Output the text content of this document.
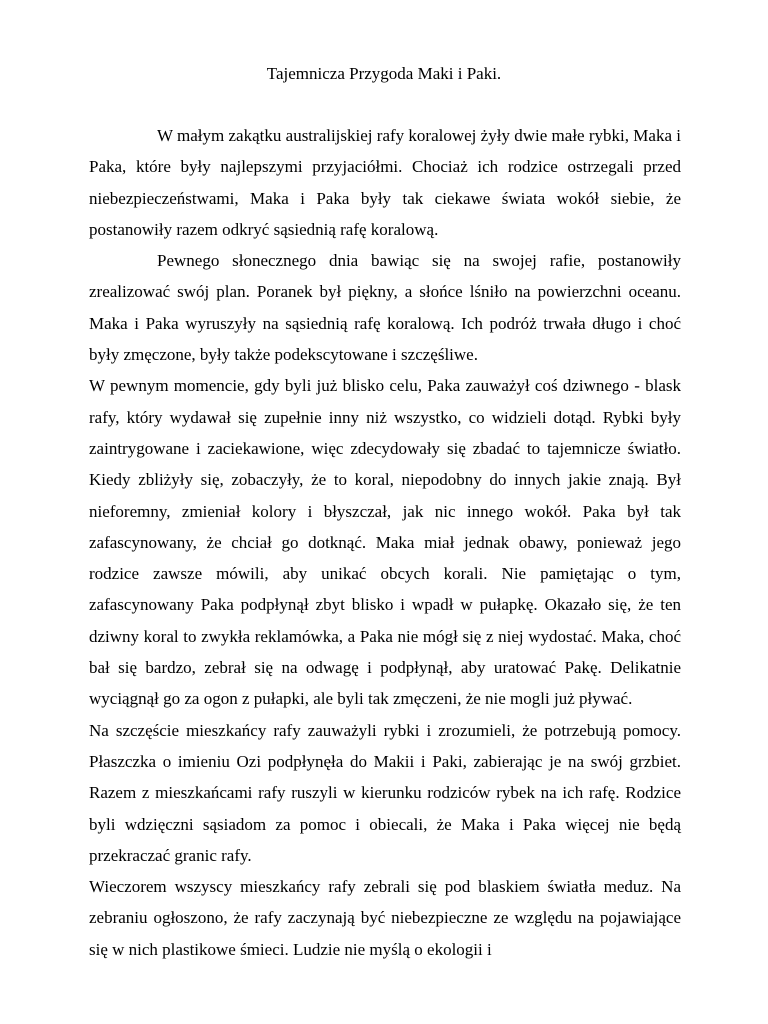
Tajemnicza Przygoda Maki i Paki.

W małym zakątku australijskiej rafy koralowej żyły dwie małe rybki, Maka i Paka, które były najlepszymi przyjaciółmi. Chociaż ich rodzice ostrzegali przed niebezpieczeństwami, Maka i Paka były tak ciekawe świata wokół siebie, że postanowiły razem odkryć sąsiednią rafę koralową.

Pewnego słonecznego dnia bawiąc się na swojej rafie, postanowiły zrealizować swój plan. Poranek był piękny, a słońce lśniło na powierzchni oceanu. Maka i Paka wyruszyły na sąsiednią rafę koralową. Ich podróż trwała długo i choć były zmęczone, były także podekscytowane i szczęśliwe.

W pewnym momencie, gdy byli już blisko celu, Paka zauważył coś dziwnego - blask rafy, który wydawał się zupełnie inny niż wszystko, co widzieli dotąd. Rybki były zaintrygowane i zaciekawione, więc zdecydowały się zbadać to tajemnicze światło. Kiedy zbliżyły się, zobaczyły, że to koral, niepodobny do innych jakie znają. Był nieforemny, zmieniał kolory i błyszczał, jak nic innego wokół. Paka był tak zafascynowany, że chciał go dotknąć. Maka miał jednak obawy, ponieważ jego rodzice zawsze mówili, aby unikać obcych korali. Nie pamiętając o tym, zafascynowany Paka podpłynął zbyt blisko i wpadł w pułapkę. Okazało się, że ten dziwny koral to zwykła reklamówka, a Paka nie mógł się z niej wydostać. Maka, choć bał się bardzo, zebrał się na odwagę i podpłynął, aby uratować Pakę. Delikatnie wyciągnął go za ogon z pułapki, ale byli tak zmęczeni, że nie mogli już pływać.

Na szczęście mieszkańcy rafy zauważyli rybki i zrozumieli, że potrzebują pomocy. Płaszczka o imieniu Ozi podpłynęła do Makii i Paki, zabierając je na swój grzbiet. Razem z mieszkańcami rafy ruszyli w kierunku rodziców rybek na ich rafę. Rodzice byli wdzięczni sąsiadom za pomoc i obiecali, że Maka i Paka więcej nie będą przekraczać granic rafy.

Wieczorem wszyscy mieszkańcy rafy zebrali się pod blaskiem światła meduz. Na zebraniu ogłoszono, że rafy zaczynają być niebezpieczne ze względu na pojawiające się w nich plastikowe śmieci. Ludzie nie myślą o ekologii i
